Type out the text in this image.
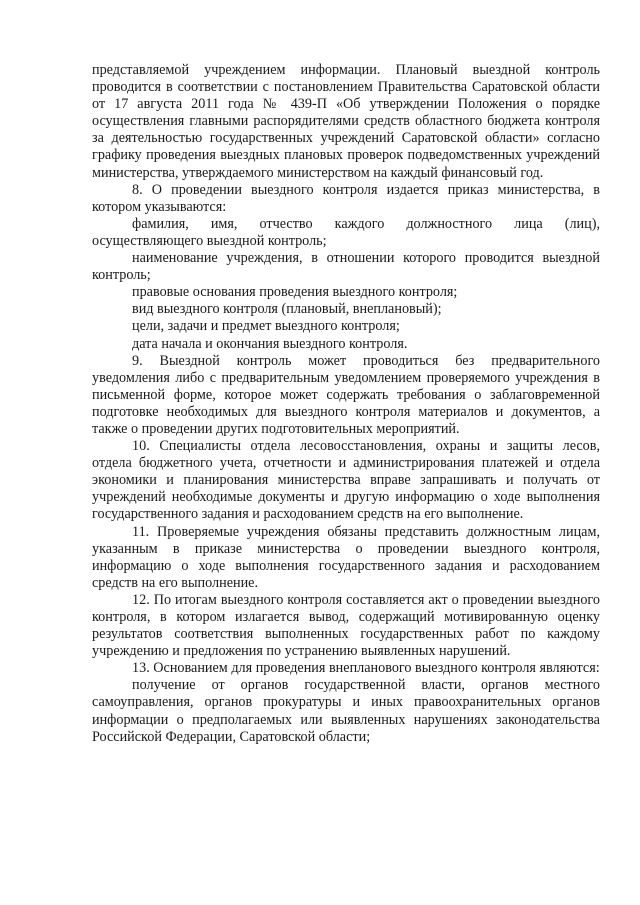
представляемой учреждением информации. Плановый выездной контроль проводится в соответствии с постановлением Правительства Саратовской области от 17 августа 2011 года № 439-П «Об утверждении Положения о порядке осуществления главными распорядителями средств областного бюджета контроля за деятельностью государственных учреждений Саратовской области» согласно графику проведения выездных плановых проверок подведомственных учреждений министерства, утверждаемого министерством на каждый финансовый год.

8. О проведении выездного контроля издается приказ министерства, в котором указываются:

фамилия, имя, отчество каждого должностного лица (лиц), осуществляющего выездной контроль;

наименование учреждения, в отношении которого проводится выездной контроль;

правовые основания проведения выездного контроля;

вид выездного контроля (плановый, внеплановый);

цели, задачи и предмет выездного контроля;

дата начала и окончания выездного контроля.

9. Выездной контроль может проводиться без предварительного уведомления либо с предварительным уведомлением проверяемого учреждения в письменной форме, которое может содержать требования о заблаговременной подготовке необходимых для выездного контроля материалов и документов, а также о проведении других подготовительных мероприятий.

10. Специалисты отдела лесовосстановления, охраны и защиты лесов, отдела бюджетного учета, отчетности и администрирования платежей и отдела экономики и планирования министерства вправе запрашивать и получать от учреждений необходимые документы и другую информацию о ходе выполнения государственного задания и расходованием средств на его выполнение.

11. Проверяемые учреждения обязаны представить должностным лицам, указанным в приказе министерства о проведении выездного контроля, информацию о ходе выполнения государственного задания и расходованием средств на его выполнение.

12. По итогам выездного контроля составляется акт о проведении выездного контроля, в котором излагается вывод, содержащий мотивированную оценку результатов соответствия выполненных государственных работ по каждому учреждению и предложения по устранению выявленных нарушений.

13. Основанием для проведения внепланового выездного контроля являются:

получение от органов государственной власти, органов местного самоуправления, органов прокуратуры и иных правоохранительных органов информации о предполагаемых или выявленных нарушениях законодательства Российской Федерации, Саратовской области;
